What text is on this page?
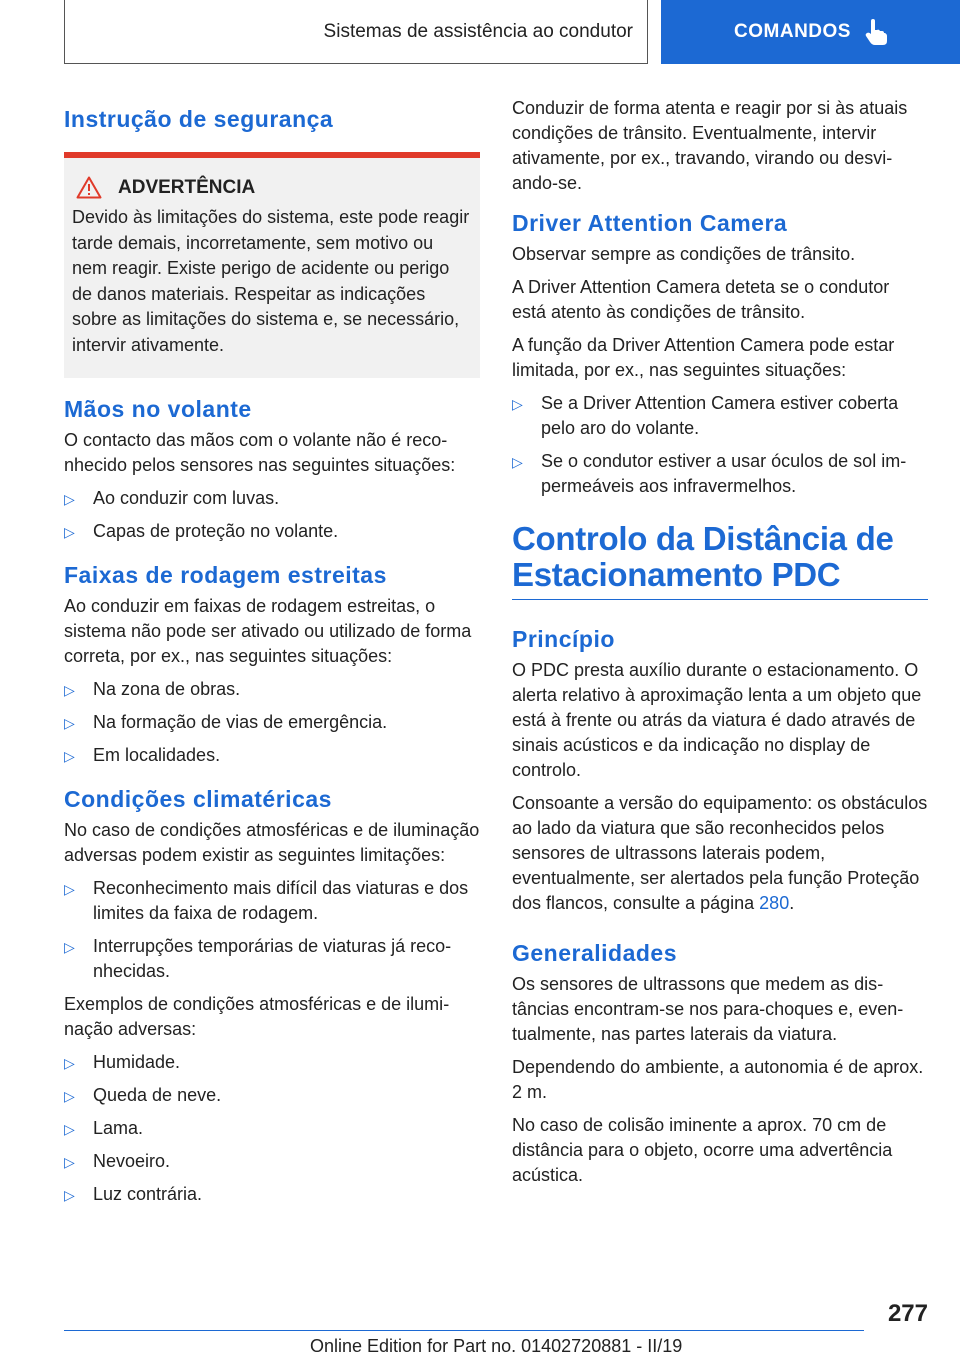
Sistemas de assistência ao condutor	COMANDOS
Instrução de segurança
ADVERTÊNCIA

Devido às limitações do sistema, este pode reagir tarde demais, incorretamente, sem motivo ou nem reagir. Existe perigo de acidente ou perigo de danos materiais. Respeitar as indicações sobre as limitações do sistema e, se necessário, intervir ativamente.

Mãos no volante

O contacto das mãos com o volante não é reconhecido pelos sensores nas seguintes situações:

▷ Ao conduzir com luvas.
▷ Capas de proteção no volante.
Faixas de rodagem estreitas

Ao conduzir em faixas de rodagem estreitas, o sistema não pode ser ativado ou utilizado de forma correta, por ex., nas seguintes situações:

▷ Na zona de obras.
▷ Na formação de vias de emergência.
▷ Em localidades.
Condições climatéricas

No caso de condições atmosféricas e de iluminação adversas podem existir as seguintes limitações:

▷ Reconhecimento mais difícil das viaturas e dos limites da faixa de rodagem.
▷ Interrupções temporárias de viaturas já reconhecidas.

Exemplos de condições atmosféricas e de iluminação adversas:

▷ Humidade.
▷ Queda de neve.
▷ Lama.
▷ Nevoeiro.
▷ Luz contrária.

Conduzir de forma atenta e reagir por si às atuais condições de trânsito. Eventualmente, intervir ativamente, por ex., travando, virando ou desviando-se.

Driver Attention Camera

Observar sempre as condições de trânsito.

A Driver Attention Camera deteta se o condutor está atento às condições de trânsito.

A função da Driver Attention Camera pode estar limitada, por ex., nas seguintes situações:

▷ Se a Driver Attention Camera estiver coberta pelo aro do volante.
▷ Se o condutor estiver a usar óculos de sol impermeáveis aos infravermelhos.
Controlo da Distância de Estacionamento PDC
Princípio

O PDC presta auxílio durante o estacionamento. O alerta relativo à aproximação lenta a um objeto que está à frente ou atrás da viatura é dado através de sinais acústicos e da indicação no display de controlo.

Consoante a versão do equipamento: os obstáculos ao lado da viatura que são reconhecidos pelos sensores de ultrassons laterais podem, eventualmente, ser alertados pela função Proteção dos flancos, consulte a página 280.

Generalidades

Os sensores de ultrassons que medem as distâncias encontram-se nos para-choques e, eventualmente, nas partes laterais da viatura.

Dependendo do ambiente, a autonomia é de aprox. 2 m.

No caso de colisão iminente a aprox. 70 cm de distância para o objeto, ocorre uma advertência acústica.

277
Online Edition for Part no. 01402720881 - II/19
